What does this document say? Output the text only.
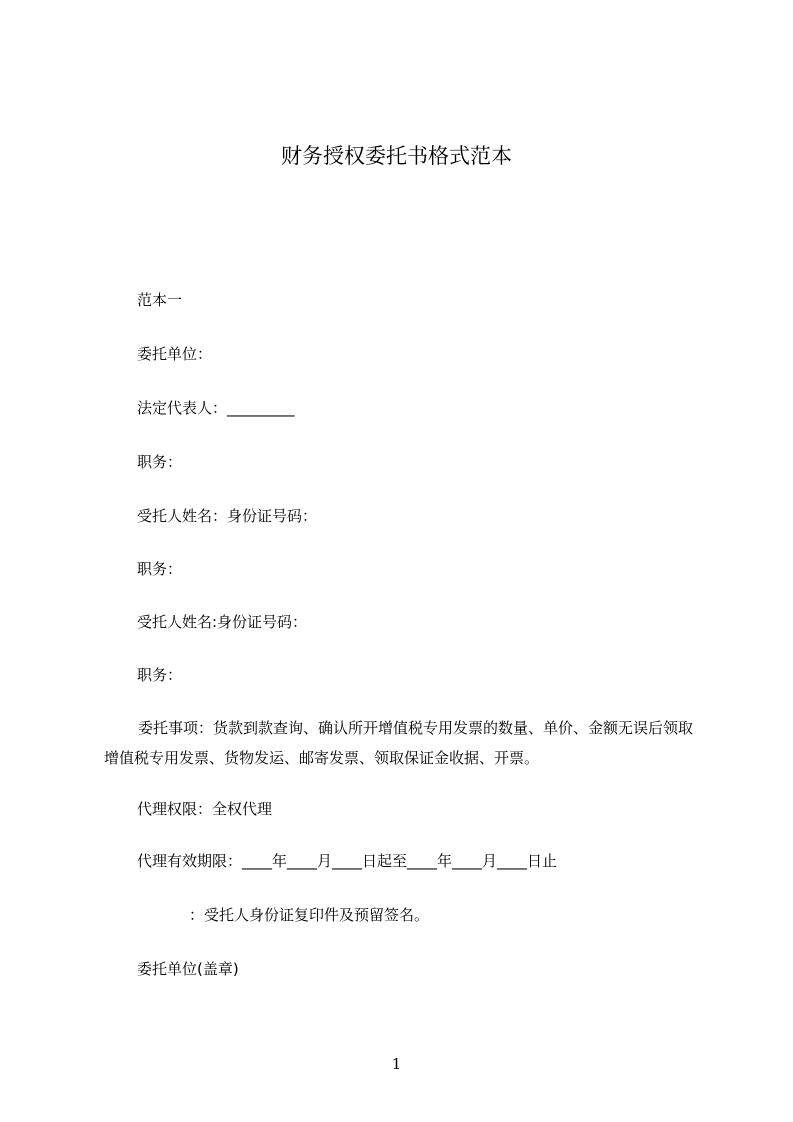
财务授权委托书格式范本

范本一

委托单位：

法定代表人：_________

职务：

受托人姓名：身份证号码：

职务：

受托人姓名:身份证号码：

职务：

委托事项：货款到款查询、确认所开增值税专用发票的数量、单价、金额无误后领取增值税专用发票、货物发运、邮寄发票、领取保证金收据、开票。

代理权限：全权代理

代理有效期限：____年____月____日起至____年____月____日止

：受托人身份证复印件及预留签名。

委托单位(盖章)

1
